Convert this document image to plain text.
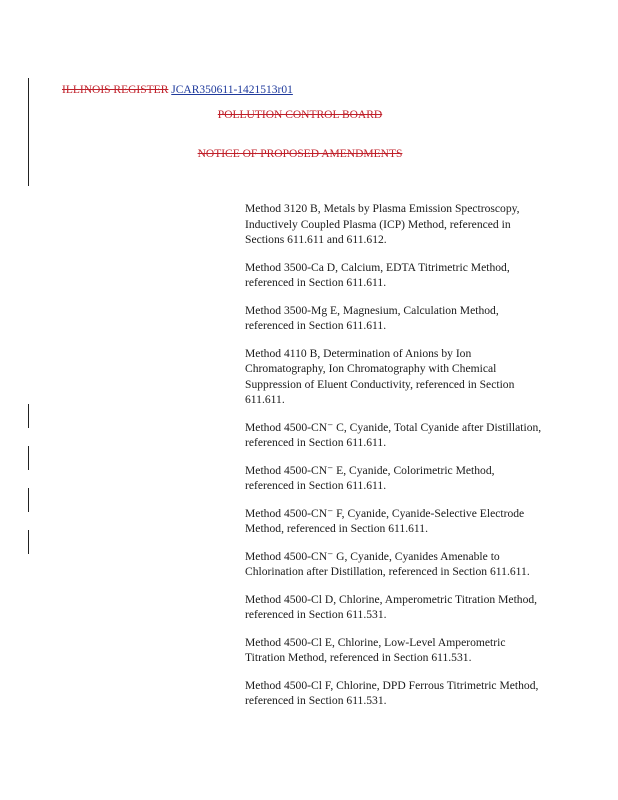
ILLINOIS REGISTER JCAR350611-1421513r01
POLLUTION CONTROL BOARD
NOTICE OF PROPOSED AMENDMENTS
Method 3120 B, Metals by Plasma Emission Spectroscopy, Inductively Coupled Plasma (ICP) Method, referenced in Sections 611.611 and 611.612.
Method 3500-Ca D, Calcium, EDTA Titrimetric Method, referenced in Section 611.611.
Method 3500-Mg E, Magnesium, Calculation Method, referenced in Section 611.611.
Method 4110 B, Determination of Anions by Ion Chromatography, Ion Chromatography with Chemical Suppression of Eluent Conductivity, referenced in Section 611.611.
Method 4500-CN⁻ C, Cyanide, Total Cyanide after Distillation, referenced in Section 611.611.
Method 4500-CN⁻ E, Cyanide, Colorimetric Method, referenced in Section 611.611.
Method 4500-CN⁻ F, Cyanide, Cyanide-Selective Electrode Method, referenced in Section 611.611.
Method 4500-CN⁻ G, Cyanide, Cyanides Amenable to Chlorination after Distillation, referenced in Section 611.611.
Method 4500-Cl D, Chlorine, Amperometric Titration Method, referenced in Section 611.531.
Method 4500-Cl E, Chlorine, Low-Level Amperometric Titration Method, referenced in Section 611.531.
Method 4500-Cl F, Chlorine, DPD Ferrous Titrimetric Method, referenced in Section 611.531.
